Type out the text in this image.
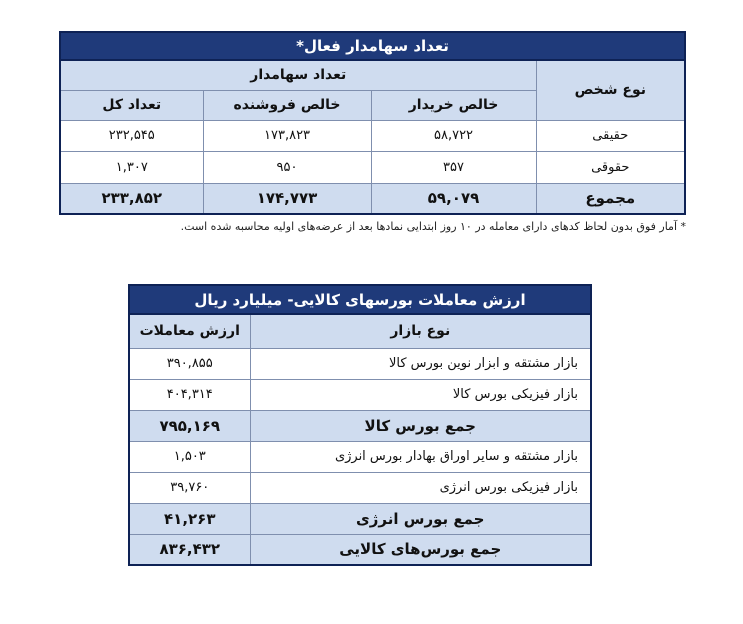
تعداد سهامدار فعال*			
نوع شخص	تعداد سهامدار		
	خالص خریدار	خالص فروشنده	تعداد کل
حقیقی	۵۸,۷۲۲	۱۷۳,۸۲۳	۲۳۲,۵۴۵
حقوقی	۳۵۷	۹۵۰	۱,۳۰۷
مجموع	۵۹,۰۷۹	۱۷۴,۷۷۳	۲۳۳,۸۵۲
* آمار فوق بدون لحاظ کدهای دارای معامله در ۱۰ روز ابتدایی نمادها بعد از عرضه‌های اولیه محاسبه شده است.
ارزش معاملات بورسهای کالایی- میلیارد ریال	
نوع بازار	ارزش معاملات
بازار مشتقه و ابزار نوین بورس کالا	۳۹۰,۸۵۵
بازار فیزیکی بورس کالا	۴۰۴,۳۱۴
جمع بورس کالا	۷۹۵,۱۶۹
بازار مشتقه و سایر اوراق بهادار بورس انرژی	۱,۵۰۳
بازار فیزیکی بورس انرژی	۳۹,۷۶۰
جمع بورس انرژی	۴۱,۲۶۳
جمع بورس‌های کالایی	۸۳۶,۴۳۲
